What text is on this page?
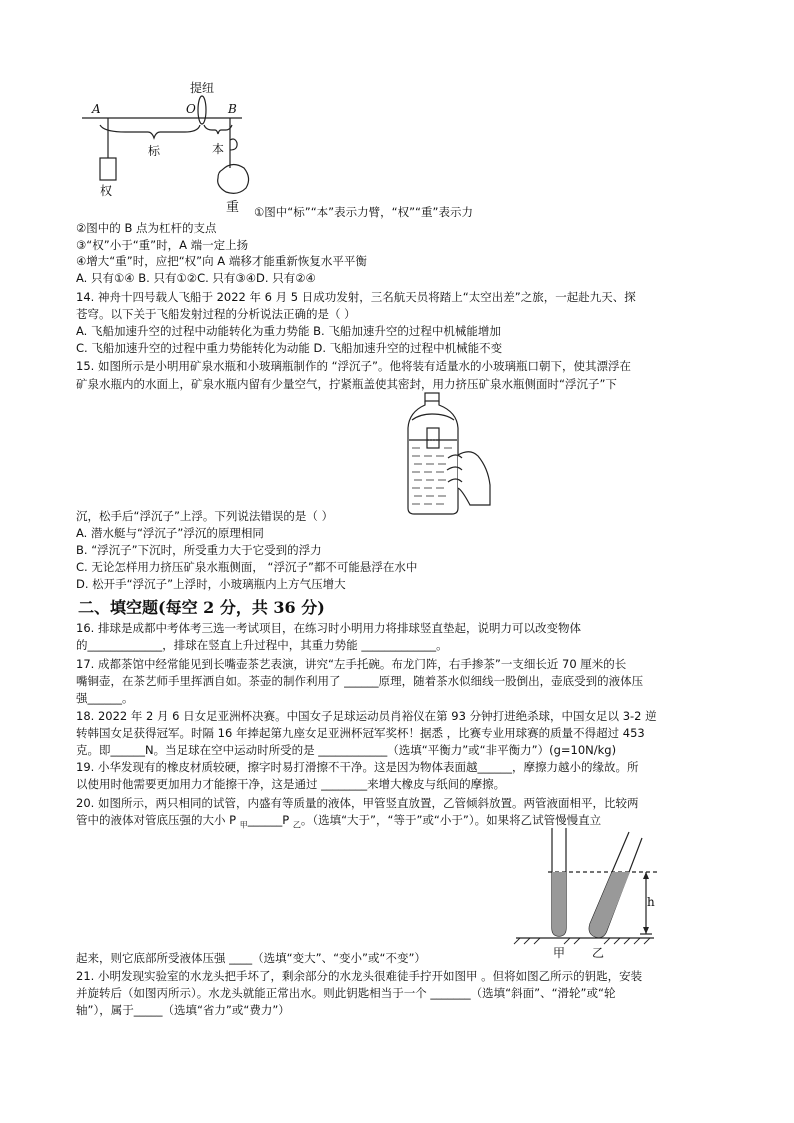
提纽
A	O	B
标	本
权
重 ①图中“标”“本”表示力臂，“权”“重”表示力
②图中的 B 点为杠杆的支点
③“权”小于“重”时，A 端一定上扬
④增大“重”时，应把“权”向 A 端移才能重新恢复水平平衡
A. 只有①④ B. 只有①②C. 只有③④D. 只有②④
14. 神舟十四号载人飞船于 2022 年 6 月 5 日成功发射，三名航天员将踏上“太空出差”之旅，一起赴九天、探
苍穹。以下关于飞船发射过程的分析说法正确的是（ ）
A. 飞船加速升空的过程中动能转化为重力势能 B. 飞船加速升空的过程中机械能增加
C. 飞船加速升空的过程中重力势能转化为动能 D. 飞船加速升空的过程中机械能不变
15. 如图所示是小明用矿泉水瓶和小玻璃瓶制作的 “浮沉子”。他将装有适量水的小玻璃瓶口朝下，使其漂浮在
矿泉水瓶内的水面上，矿泉水瓶内留有少量空气，拧紧瓶盖使其密封，用力挤压矿泉水瓶侧面时“浮沉子”下
沉，松手后“浮沉子”上浮。下列说法错误的是（ ）
A. 潜水艇与“浮沉子”浮沉的原理相同
B. “浮沉子”下沉时，所受重力大于它受到的浮力
C. 无论怎样用力挤压矿泉水瓶侧面， “浮沉子”都不可能悬浮在水中
D. 松开手“浮沉子”上浮时，小玻璃瓶内上方气压增大
二、填空题(每空 2 分，共 36 分)
16. 排球是成都中考体考三选一考试项目，在练习时小明用力将排球竖直垫起，说明力可以改变物体
的_____________，排球在竖直上升过程中，其重力势能 _____________。
17. 成都茶馆中经常能见到长嘴壶茶艺表演，讲究“左手托碗。布龙门阵，右手掺茶”一支细长近 70 厘米的长
嘴铜壶，在茶艺师手里挥洒自如。茶壶的制作利用了 ______原理，随着茶水似细线一股倒出，壶底受到的液体压
强______。
18. 2022 年 2 月 6 日女足亚洲杯决赛。中国女子足球运动员肖裕仪在第 93 分钟打进绝杀球，中国女足以 3-2 逆
转韩国女足获得冠军。时隔 16 年捧起第九座女足亚洲杯冠军奖杯！据悉 ，比赛专业用球赛的质量不得超过 453
克。即______N。当足球在空中运动时所受的是 ____________（选填“平衡力”或“非平衡力”）(g=10N/kg)
19. 小华发现有的橡皮材质较硬，擦字时易打滑擦不干净。这是因为物体表面越______，摩擦力越小的缘故。所
以使用时他需要更加用力才能擦干净，这是通过 ________来增大橡皮与纸间的摩擦。
20. 如图所示，两只相同的试管，内盛有等质量的液体，甲管竖直放置，乙管倾斜放置。两管液面相平，比较两
管中的液体对管底压强的大小 P $_甲$______P $_乙$。（选填“大于”，“等于”或“小于”）。如果将乙试管慢慢直立
h
甲 乙
起来，则它底部所受液体压强 ____（选填“变大”、“变小”或“不变”）
21. 小明发现实验室的水龙头把手坏了，剩余部分的水龙头很难徒手拧开如图甲 。但将如图乙所示的钥匙，安装
并旋转后（如图丙所示）。水龙头就能正常出水。则此钥匙相当于一个 _______（选填“斜面”、“滑轮”或“轮
轴”），属于_____（选填“省力”或“费力”）
